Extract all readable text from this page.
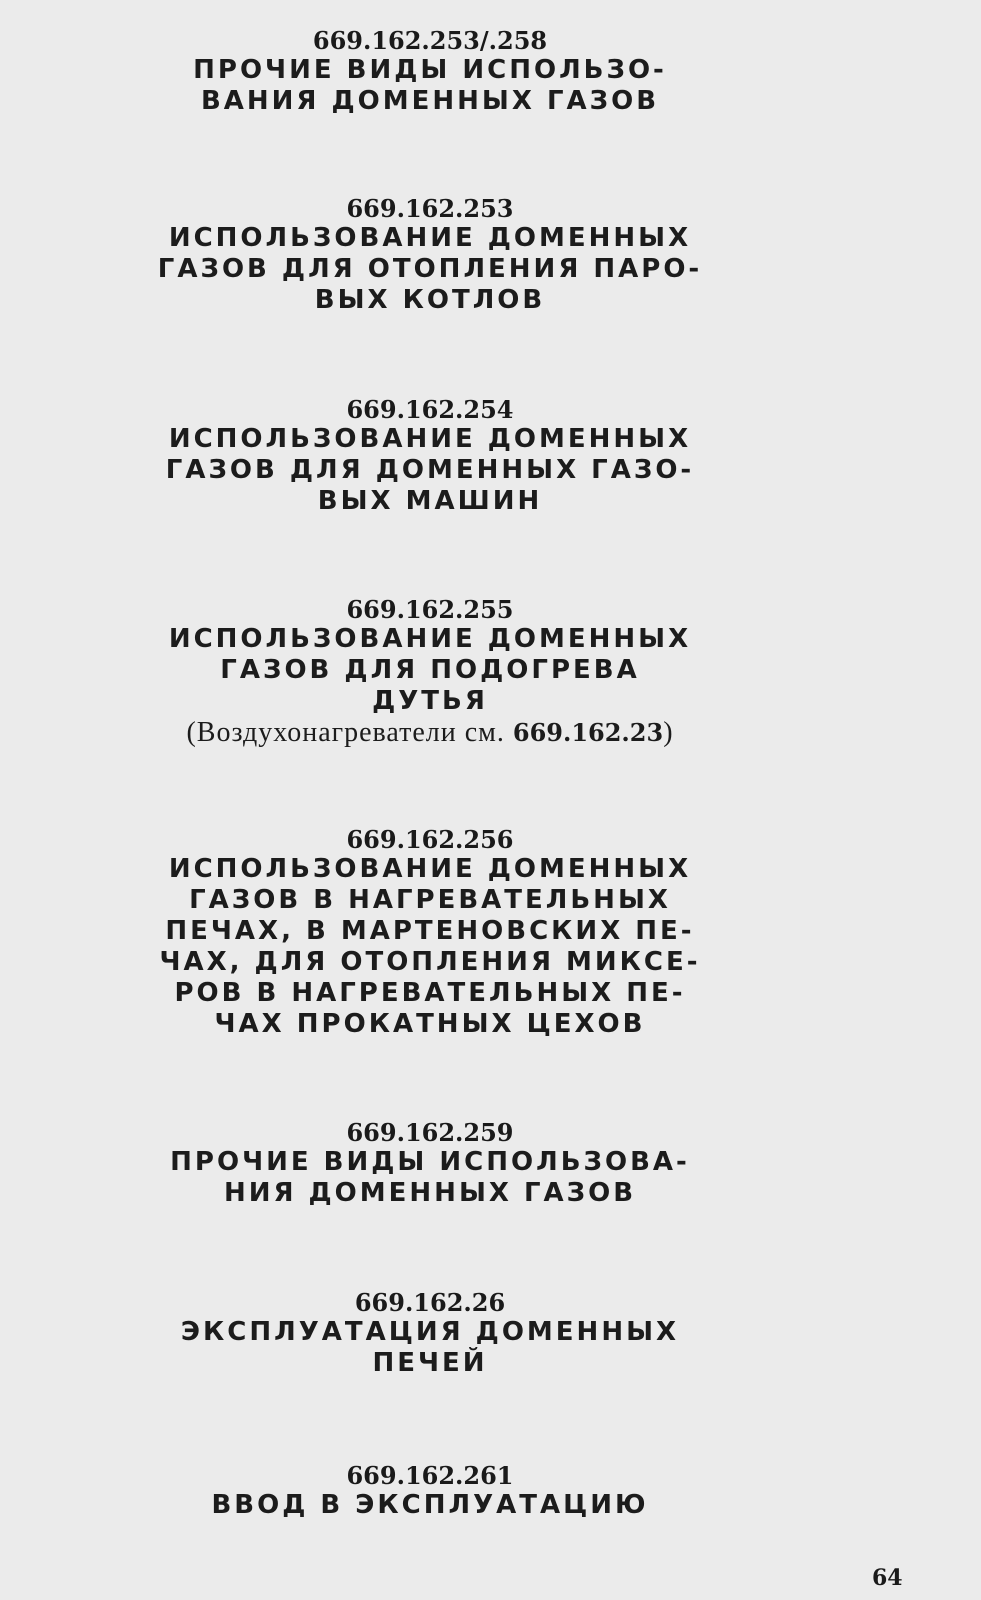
669.162.253/.258
ПРОЧИЕ ВИДЫ ИСПОЛЬЗО-
ВАНИЯ ДОМЕННЫХ ГАЗОВ
669.162.253
ИСПОЛЬЗОВАНИЕ ДОМЕННЫХ
ГАЗОВ ДЛЯ ОТОПЛЕНИЯ ПАРО-
ВЫХ КОТЛОВ
669.162.254
ИСПОЛЬЗОВАНИЕ ДОМЕННЫХ
ГАЗОВ ДЛЯ ДОМЕННЫХ ГАЗО-
ВЫХ МАШИН
669.162.255
ИСПОЛЬЗОВАНИЕ ДОМЕННЫХ
ГАЗОВ ДЛЯ ПОДОГРЕВА
ДУТЬЯ
(Воздухонагреватели см. 669.162.23)
669.162.256
ИСПОЛЬЗОВАНИЕ ДОМЕННЫХ
ГАЗОВ В НАГРЕВАТЕЛЬНЫХ
ПЕЧАХ, В МАРТЕНОВСКИХ ПЕ-
ЧАХ, ДЛЯ ОТОПЛЕНИЯ МИКСЕ-
РОВ В НАГРЕВАТЕЛЬНЫХ ПЕ-
ЧАХ ПРОКАТНЫХ ЦЕХОВ
669.162.259
ПРОЧИЕ ВИДЫ ИСПОЛЬЗОВА-
НИЯ ДОМЕННЫХ ГАЗОВ
669.162.26
ЭКСПЛУАТАЦИЯ ДОМЕННЫХ
ПЕЧЕЙ
669.162.261
ВВОД В ЭКСПЛУАТАЦИЮ
64
